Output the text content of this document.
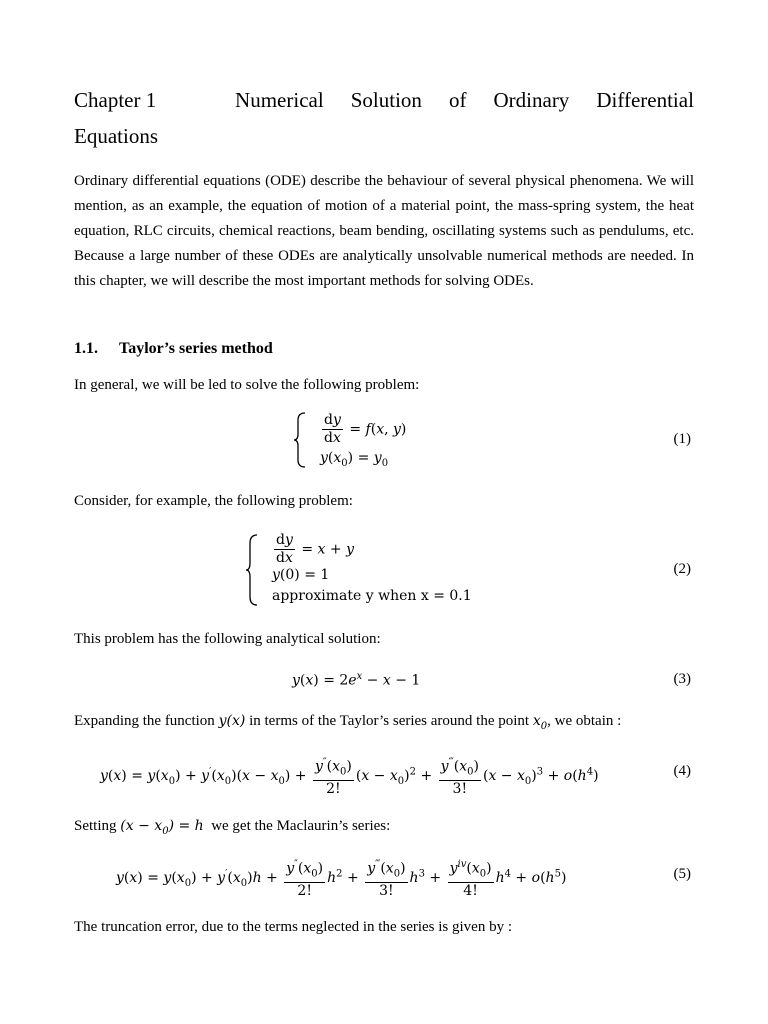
Chapter 1	Numerical Solution of Ordinary Differential
Equations
Ordinary differential equations (ODE) describe the behaviour of several physical phenomena. We will mention, as an example, the equation of motion of a material point, the mass-spring system, the heat equation, RLC circuits, chemical reactions, beam bending, oscillating systems such as pendulums, etc. Because a large number of these ODEs are analytically unsolvable numerical methods are needed. In this chapter, we will describe the most important methods for solving ODEs.
1.1. Taylor’s series method
In general, we will be led to solve the following problem:
$\frac{dy}{dx} = f(x$, y)
$y(x_0) = y_0$
(1)
Consider, for example, the following problem:
$\frac{dy}{dx} = x + y$
y(0) = 1
approximate y when x = 0.1
(2)
This problem has the following analytical solution:
$y(x) = 2e^x - x - 1$	(3)
Expanding the function y(x) in terms of the Taylor’s series around the point $x_0$, we obtain :
$y(x) = y(x_0) + y'(x_0)(x - x_0) + \frac{y''(x_0)}{2!} (x - x_0)^2 + \frac{y^‴(x_0)}{3!} (x - x_0)^3 + o(h^4)$	(4)
Setting $(x - x_0) = h$ we get the Maclaurin’s series:
$y(x) = y(x_0) + y'(x_0)h + \frac{y''(x_0)}{2!} h^2 + \frac{y^‴(x_0)}{3!} h^3 + \frac{y^{iv}(x_0)}{4!} h^4 + o(h^5)$	(5)
The truncation error, due to the terms neglected in the series is given by :
